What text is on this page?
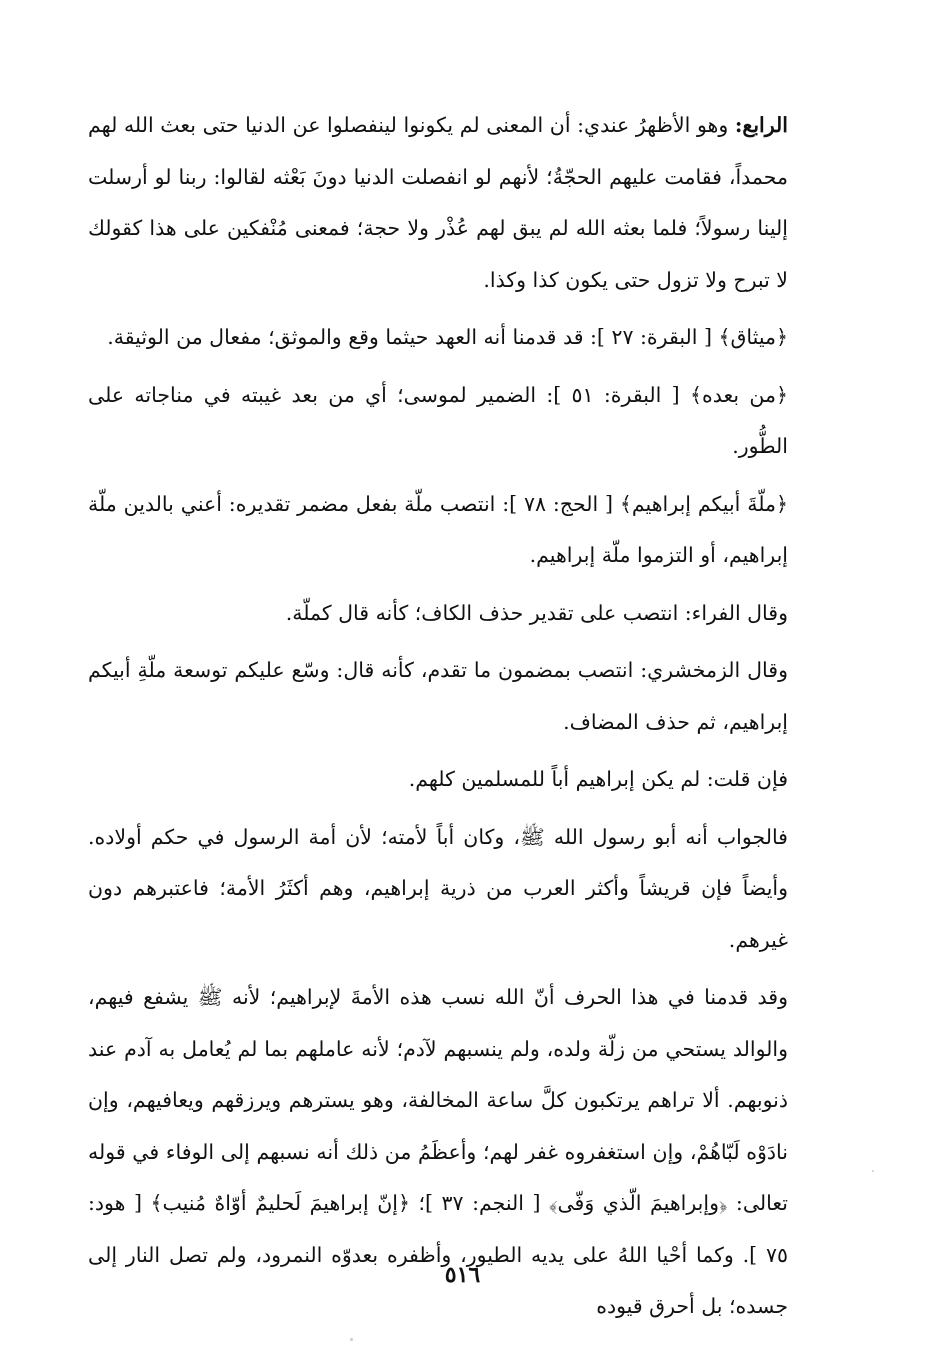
الرابع: وهو الأظهرُ عندي: أن المعنى لم يكونوا لينفصلوا عن الدنيا حتى بعث الله لهم محمداً، فقامت عليهم الحجّةُ؛ لأنهم لو انفصلت الدنيا دونَ بَعْثه لقالوا: ربنا لو أرسلت إلينا رسولاً؛ فلما بعثه الله لم يبق لهم عُذْر ولا حجة؛ فمعنى مُنْفكين على هذا كقولك لا تبرح ولا تزول حتى يكون كذا وكذا.

﴿ميثاق﴾ [ البقرة: ٢٧ ]: قد قدمنا أنه العهد حيثما وقع والموثق؛ مفعال من الوثيقة.

﴿من بعده﴾ [ البقرة: ٥١ ]: الضمير لموسى؛ أي من بعد غيبته في مناجاته على الطُّور.

﴿ملّةَ أبيكم إبراهيم﴾ [ الحج: ٧٨ ]: انتصب ملّة بفعل مضمر تقديره: أعني بالدين ملّة إبراهيم، أو التزموا ملّة إبراهيم.

وقال الفراء: انتصب على تقدير حذف الكاف؛ كأنه قال كملّة.

وقال الزمخشري: انتصب بمضمون ما تقدم، كأنه قال: وسّع عليكم توسعة ملّةِ أبيكم إبراهيم، ثم حذف المضاف.

فإن قلت: لم يكن إبراهيم أباً للمسلمين كلهم.

فالجواب أنه أبو رسول الله ﷺ، وكان أباً لأمته؛ لأن أمة الرسول في حكم أولاده. وأيضاً فإن قريشاً وأكثر العرب من ذرية إبراهيم، وهم أكثَرُ الأمة؛ فاعتبرهم دون غيرهم.

وقد قدمنا في هذا الحرف أنّ الله نسب هذه الأمةَ لإبراهيم؛ لأنه ﷺ يشفع فيهم، والوالد يستحي من زلّة ولده، ولم ينسبهم لآدم؛ لأنه عاملهم بما لم يُعامل به آدم عند ذنوبهم. ألا تراهم يرتكبون كلَّ ساعة المخالفة، وهو يسترهم ويرزقهم ويعافيهم، وإن نادَوْه لَبّاهُمْ، وإن استغفروه غفر لهم؛ وأعظَمُ من ذلك أنه نسبهم إلى الوفاء في قوله تعالى: ﴿وإبراهيمَ الّذي وَفّى﴾ [ النجم: ٣٧ ]؛ ﴿إنّ إبراهيمَ لَحليمٌ أوّاهٌ مُنيب﴾ [ هود: ٧٥ ]. وكما أحْيا اللهُ على يديه الطيور، وأظفره بعدوّه النمرود، ولم تصل النار إلى جسده؛ بل أحرق قيوده

٥١٦
